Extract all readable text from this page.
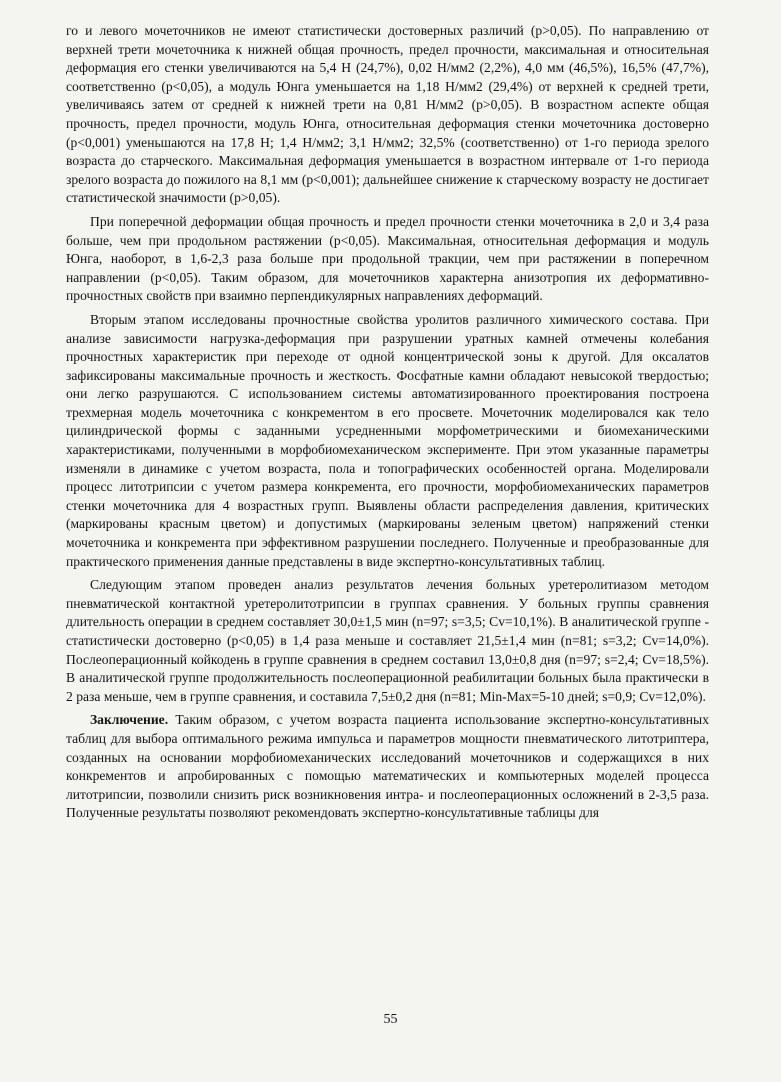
го и левого мочеточников не имеют статистически достоверных различий (p>0,05). По направлению от верхней трети мочеточника к нижней общая прочность, предел прочности, максимальная и относительная деформация его стенки увеличиваются на 5,4 Н (24,7%), 0,02 Н/мм2 (2,2%), 4,0 мм (46,5%), 16,5% (47,7%), соответственно (p<0,05), а модуль Юнга уменьшается на 1,18 Н/мм2 (29,4%) от верхней к средней трети, увеличиваясь затем от средней к нижней трети на 0,81 Н/мм2 (p>0,05). В возрастном аспекте общая прочность, предел прочности, модуль Юнга, относительная деформация стенки мочеточника достоверно (p<0,001) уменьшаются на 17,8 Н; 1,4 Н/мм2; 3,1 Н/мм2; 32,5% (соответственно) от 1-го периода зрелого возраста до старческого. Максимальная деформация уменьшается в возрастном интервале от 1-го периода зрелого возраста до пожилого на 8,1 мм (p<0,001); дальнейшее снижение к старческому возрасту не достигает статистической значимости (p>0,05).

При поперечной деформации общая прочность и предел прочности стенки мочеточника в 2,0 и 3,4 раза больше, чем при продольном растяжении (p<0,05). Максимальная, относительная деформация и модуль Юнга, наоборот, в 1,6-2,3 раза больше при продольной тракции, чем при растяжении в поперечном направлении (p<0,05). Таким образом, для мочеточников характерна анизотропия их деформативно-прочностных свойств при взаимно перпендикулярных направлениях деформаций.

Вторым этапом исследованы прочностные свойства уролитов различного химического состава. При анализе зависимости нагрузка-деформация при разрушении уратных камней отмечены колебания прочностных характеристик при переходе от одной концентрической зоны к другой. Для оксалатов зафиксированы максимальные прочность и жесткость. Фосфатные камни обладают невысокой твердостью; они легко разрушаются. С использованием системы автоматизированного проектирования построена трехмерная модель мочеточника с конкрементом в его просвете. Мочеточник моделировался как тело цилиндрической формы с заданными усредненными морфометрическими и биомеханическими характеристиками, полученными в морфобиомеханическом эксперименте. При этом указанные параметры изменяли в динамике с учетом возраста, пола и топографических особенностей органа. Моделировали процесс литотрипсии с учетом размера конкремента, его прочности, морфобиомеханических параметров стенки мочеточника для 4 возрастных групп. Выявлены области распределения давления, критических (маркированы красным цветом) и допустимых (маркированы зеленым цветом) напряжений стенки мочеточника и конкремента при эффективном разрушении последнего. Полученные и преобразованные для практического применения данные представлены в виде экспертно-консультативных таблиц.

Следующим этапом проведен анализ результатов лечения больных уретеролитиазом методом пневматической контактной уретеролитотрипсии в группах сравнения. У больных группы сравнения длительность операции в среднем составляет 30,0±1,5 мин (n=97; s=3,5; Cv=10,1%). В аналитической группе - статистически достоверно (p<0,05) в 1,4 раза меньше и составляет 21,5±1,4 мин (n=81; s=3,2; Cv=14,0%). Послеоперационный койкодень в группе сравнения в среднем составил 13,0±0,8 дня (n=97; s=2,4; Cv=18,5%). В аналитической группе продолжительность послеоперационной реабилитации больных была практически в 2 раза меньше, чем в группе сравнения, и составила 7,5±0,2 дня (n=81; Min-Max=5-10 дней; s=0,9; Cv=12,0%).

Заключение. Таким образом, с учетом возраста пациента использование экспертно-консультативных таблиц для выбора оптимального режима импульса и параметров мощности пневматического литотриптера, созданных на основании морфобиомеханических исследований мочеточников и содержащихся в них конкрементов и апробированных с помощью математических и компьютерных моделей процесса литотрипсии, позволили снизить риск возникновения интра- и послеоперационных осложнений в 2-3,5 раза. Полученные результаты позволяют рекомендовать экспертно-консультативные таблицы для

55
